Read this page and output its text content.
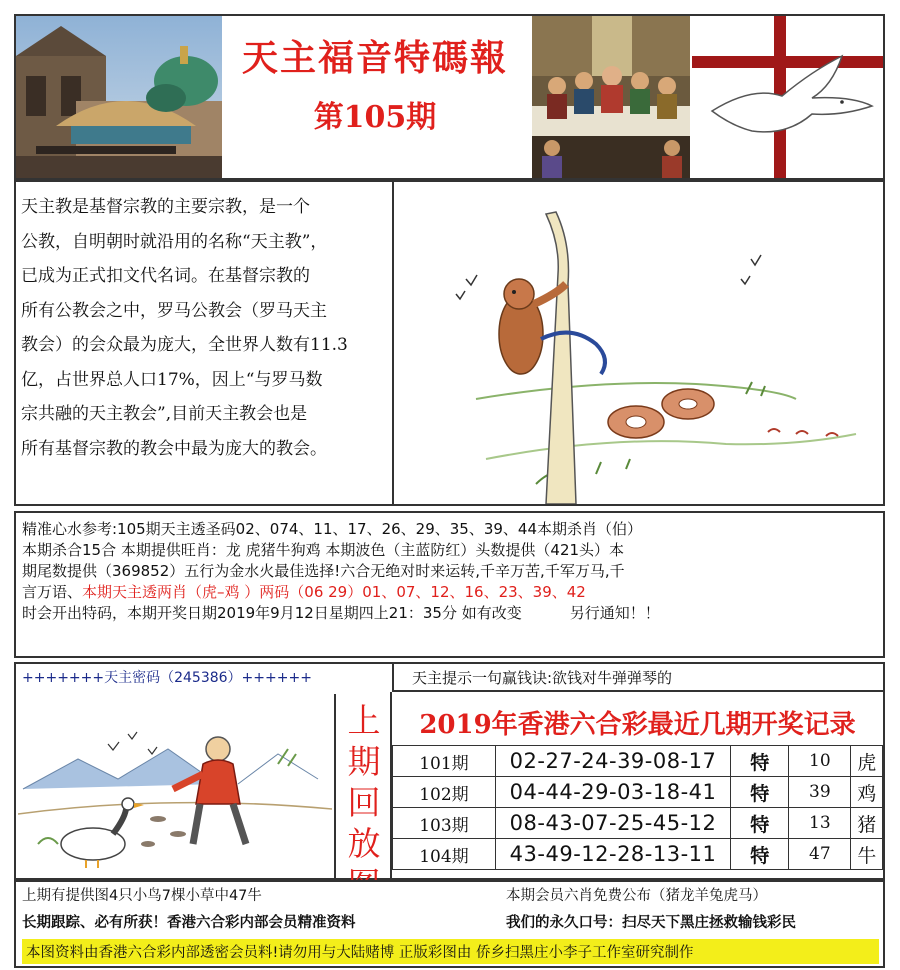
天主福音特碼報
第105期

天主教是基督宗教的主要宗教，是一个

公教，自明朝时就沿用的名称“天主教”，

已成为正式扣文代名词。在基督宗教的

所有公教会之中，罗马公教会（罗马天主

教会）的会众最为庞大，全世界人数有11.3

亿，占世界总人口17%，因上“与罗马数

宗共融的天主教会”,目前天主教会也是

所有基督宗教的教会中最为庞大的教会。

精准心水参考:105期天主透圣码02、074、11、17、26、29、35、39、44本期杀肖（伯）
本期杀合15合 本期提供旺肖：龙 虎猪牛狗鸡 本期波色（主蓝防红）头数提供（421头）本
期尾数提供（369852）五行为金水火最佳选择!六合无绝对时来运转,千辛万苦,千军万马,千
言万语、本期天主透两肖（虎–鸡 ）两码（06 29）01、07、12、16、23、39、42
时会开出特码，本期开奖日期2019年9月12日星期四上21：35分 如有改变	另行通知！！
+++++++天主密码（245386）++++++	天主提示一句赢钱诀:欲钱对牛弹弹琴的
上
期
回
放
2019年香港六合彩最近几期开奖记录
101期	02-27-24-39-08-17	特	10	虎
102期	04-44-29-03-18-41	特	39	鸡
103期	08-43-07-25-45-12	特	13	猪
104期	43-49-12-28-13-11	特	47	牛
上期有提供图4只小鸟7棵小草中47牛	本期会员六肖免费公布（猪龙羊兔虎马）
长期跟踪、必有所获！香港六合彩内部会员精准资料	我们的永久口号：扫尽天下黑庄拯救输钱彩民
本图资料由香港六合彩内部透密会员料!请勿用与大陆赌博 正版彩图由 侨乡扫黑庄小李子工作室研究制作
